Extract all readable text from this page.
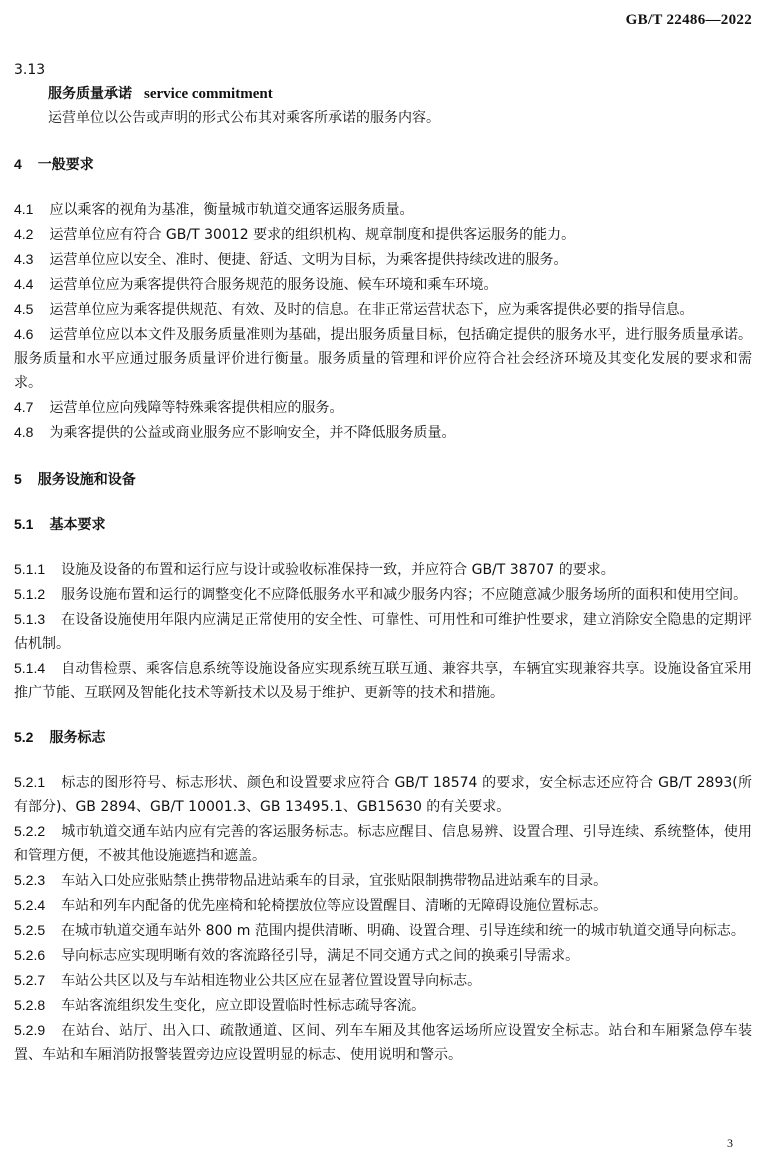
GB/T 22486—2022
3.13
服务质量承诺 service commitment
运营单位以公告或声明的形式公布其对乘客所承诺的服务内容。
4 一般要求
4.1 应以乘客的视角为基准，衡量城市轨道交通客运服务质量。
4.2 运营单位应有符合 GB/T 30012 要求的组织机构、规章制度和提供客运服务的能力。
4.3 运营单位应以安全、准时、便捷、舒适、文明为目标，为乘客提供持续改进的服务。
4.4 运营单位应为乘客提供符合服务规范的服务设施、候车环境和乘车环境。
4.5 运营单位应为乘客提供规范、有效、及时的信息。在非正常运营状态下，应为乘客提供必要的指导信息。
4.6 运营单位应以本文件及服务质量准则为基础，提出服务质量目标，包括确定提供的服务水平，进行服务质量承诺。服务质量和水平应通过服务质量评价进行衡量。服务质量的管理和评价应符合社会经济环境及其变化发展的要求和需求。
4.7 运营单位应向残障等特殊乘客提供相应的服务。
4.8 为乘客提供的公益或商业服务应不影响安全，并不降低服务质量。
5 服务设施和设备
5.1 基本要求
5.1.1 设施及设备的布置和运行应与设计或验收标准保持一致，并应符合 GB/T 38707 的要求。
5.1.2 服务设施布置和运行的调整变化不应降低服务水平和减少服务内容；不应随意减少服务场所的面积和使用空间。
5.1.3 在设备设施使用年限内应满足正常使用的安全性、可靠性、可用性和可维护性要求，建立消除安全隐患的定期评估机制。
5.1.4 自动售检票、乘客信息系统等设施设备应实现系统互联互通、兼容共享，车辆宜实现兼容共享。设施设备宜采用推广节能、互联网及智能化技术等新技术以及易于维护、更新等的技术和措施。
5.2 服务标志
5.2.1 标志的图形符号、标志形状、颜色和设置要求应符合 GB/T 18574 的要求，安全标志还应符合 GB/T 2893(所有部分)、GB 2894、GB/T 10001.3、GB 13495.1、GB15630 的有关要求。
5.2.2 城市轨道交通车站内应有完善的客运服务标志。标志应醒目、信息易辨、设置合理、引导连续、系统整体，使用和管理方便，不被其他设施遮挡和遮盖。
5.2.3 车站入口处应张贴禁止携带物品进站乘车的目录，宜张贴限制携带物品进站乘车的目录。
5.2.4 车站和列车内配备的优先座椅和轮椅摆放位等应设置醒目、清晰的无障碍设施位置标志。
5.2.5 在城市轨道交通车站外 800 m 范围内提供清晰、明确、设置合理、引导连续和统一的城市轨道交通导向标志。
5.2.6 导向标志应实现明晰有效的客流路径引导，满足不同交通方式之间的换乘引导需求。
5.2.7 车站公共区以及与车站相连物业公共区应在显著位置设置导向标志。
5.2.8 车站客流组织发生变化，应立即设置临时性标志疏导客流。
5.2.9 在站台、站厅、出入口、疏散通道、区间、列车车厢及其他客运场所应设置安全标志。站台和车厢紧急停车装置、车站和车厢消防报警装置旁边应设置明显的标志、使用说明和警示。
3
